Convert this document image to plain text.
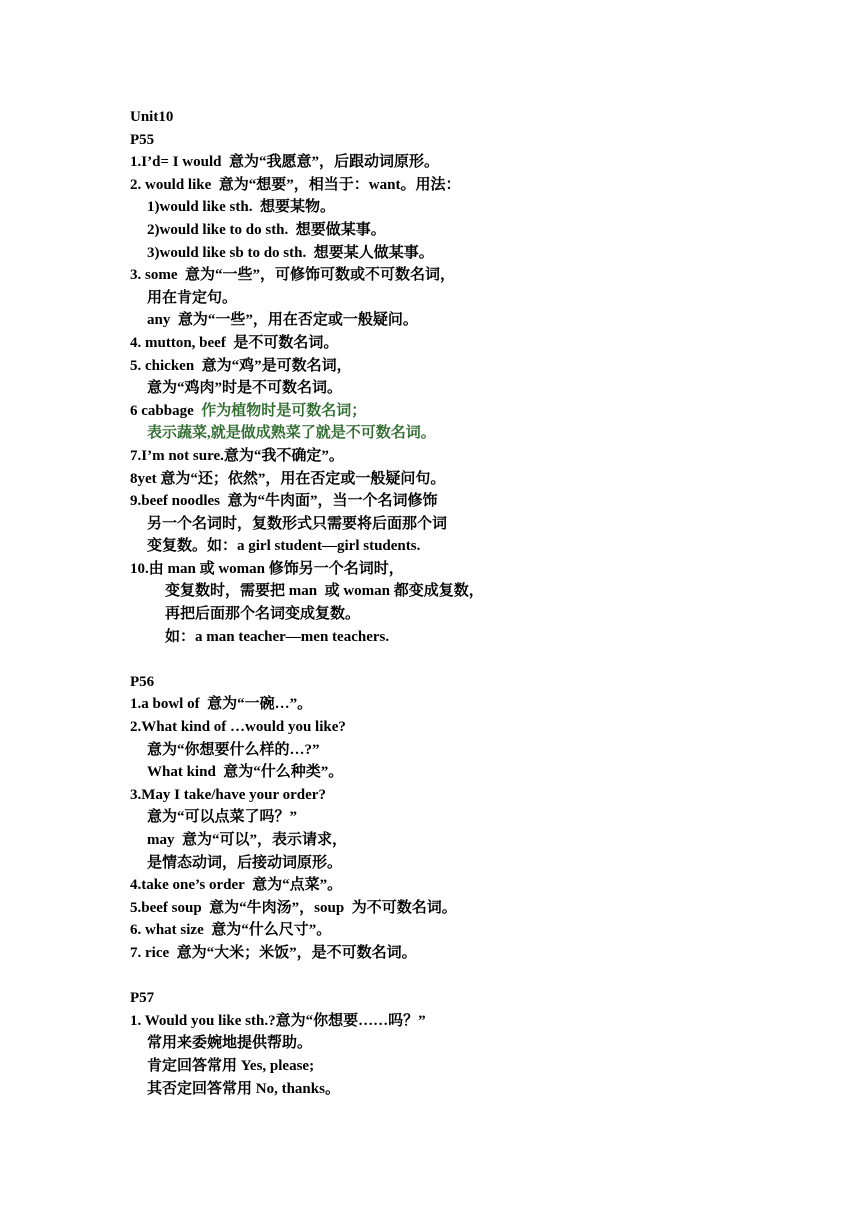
Unit10
P55
1.I’d= I would  意为“我愿意”，后跟动词原形。
2. would like  意为“想要”，相当于：want。用法：
1)would like sth.  想要某物。
2)would like to do sth.  想要做某事。
3)would like sb to do sth.  想要某人做某事。
3. some  意为“一些”，可修饰可数或不可数名词，
用在肯定句。
any  意为“一些”，用在否定或一般疑问。
4. mutton, beef  是不可数名词。
5. chicken  意为“鸡”是可数名词，
意为“鸡肉”时是不可数名词。
6 cabbage  作为植物时是可数名词；
表示蔬菜,就是做成熟菜了就是不可数名词。
7.I’m not sure.意为“我不确定”。
8yet 意为“还；依然”，用在否定或一般疑问句。
9.beef noodles  意为“牛肉面”，当一个名词修饰
另一个名词时，复数形式只需要将后面那个词
变复数。如：a girl student—girl students.
10.由 man 或 woman 修饰另一个名词时，
变复数时，需要把 man  或 woman 都变成复数，
再把后面那个名词变成复数。
如：a man teacher—men teachers.
P56
1.a bowl of  意为“一碗…”。
2.What kind of …would you like?
意为“你想要什么样的…?”
What kind  意为“什么种类”。
3.May I take/have your order?
意为“可以点菜了吗？”
may  意为“可以”，表示请求，
是情态动词，后接动词原形。
4.take one’s order  意为“点菜”。
5.beef soup  意为“牛肉汤”，soup  为不可数名词。
6. what size  意为“什么尺寸”。
7. rice  意为“大米；米饭”，是不可数名词。
P57
1. Would you like sth.?意为“你想要……吗？”
常用来委婉地提供帮助。
肯定回答常用 Yes, please;
其否定回答常用 No, thanks。
